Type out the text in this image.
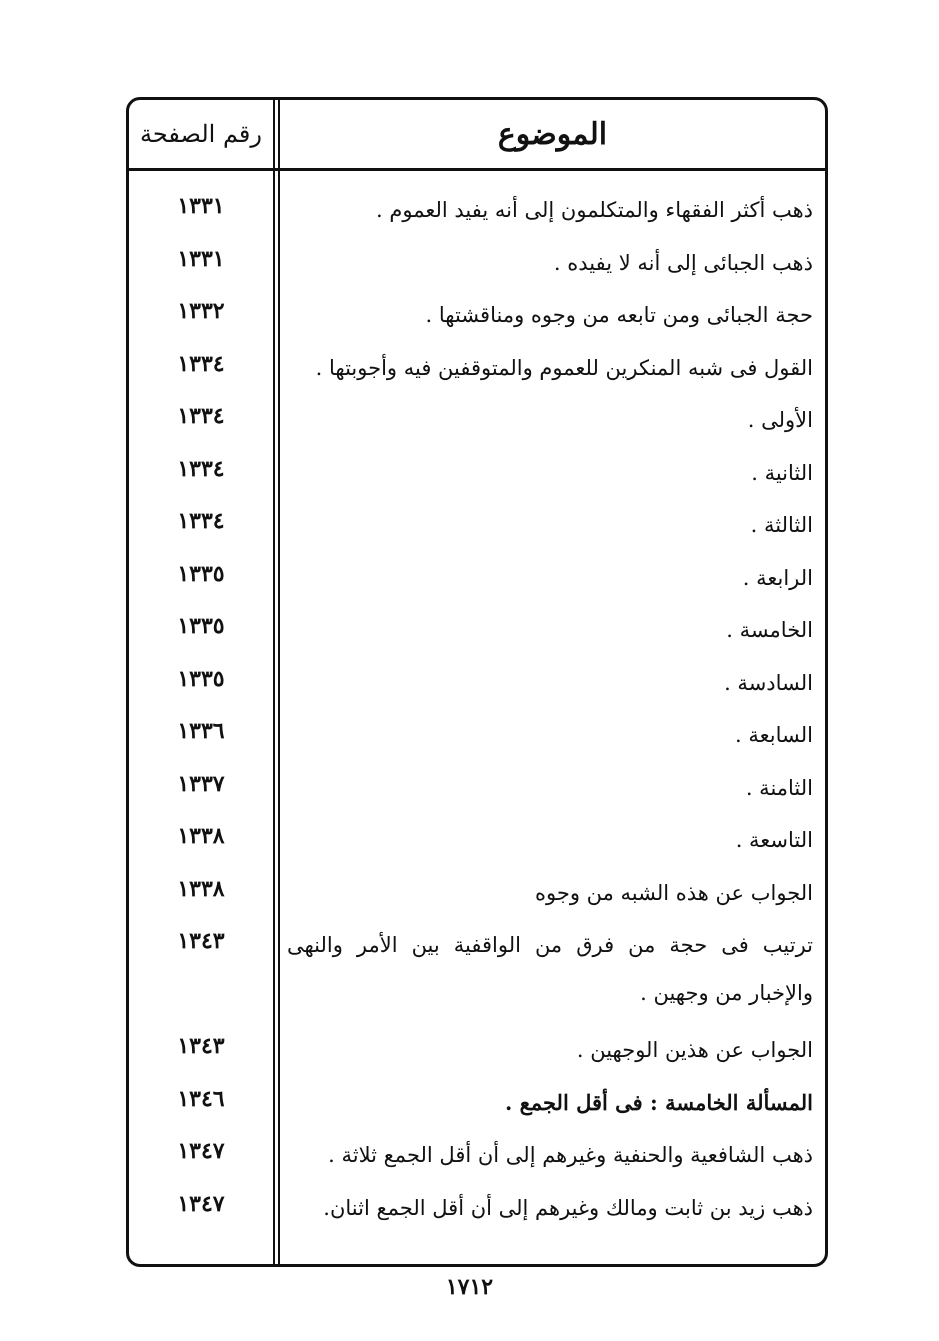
الموضوع
رقم الصفحة
ذهب أكثر الفقهاء والمتكلمون إلى أنه يفيد العموم .
١٣٣١
ذهب الجبائى إلى أنه لا يفيده .
١٣٣١
حجة الجبائى ومن تابعه من وجوه ومناقشتها .
١٣٣٢
القول فى شبه المنكرين للعموم والمتوقفين فيه وأجوبتها .
١٣٣٤
الأولى .
١٣٣٤
الثانية .
١٣٣٤
الثالثة .
١٣٣٤
الرابعة .
١٣٣٥
الخامسة .
١٣٣٥
السادسة .
١٣٣٥
السابعة .
١٣٣٦
الثامنة .
١٣٣٧
التاسعة .
١٣٣٨
الجواب عن هذه الشبه من وجوه
١٣٣٨
ترتيب فى حجة من فرق من الواقفية بين الأمر والنهى والإخبار من وجهين .
١٣٤٣
الجواب عن هذين الوجهين .
١٣٤٣
المسألة الخامسة : فى أقل الجمع .
١٣٤٦
ذهب الشافعية والحنفية وغيرهم إلى أن أقل الجمع ثلاثة .
١٣٤٧
ذهب زيد بن ثابت ومالك وغيرهم إلى أن أقل الجمع اثنان.
١٣٤٧
١٧١٢
